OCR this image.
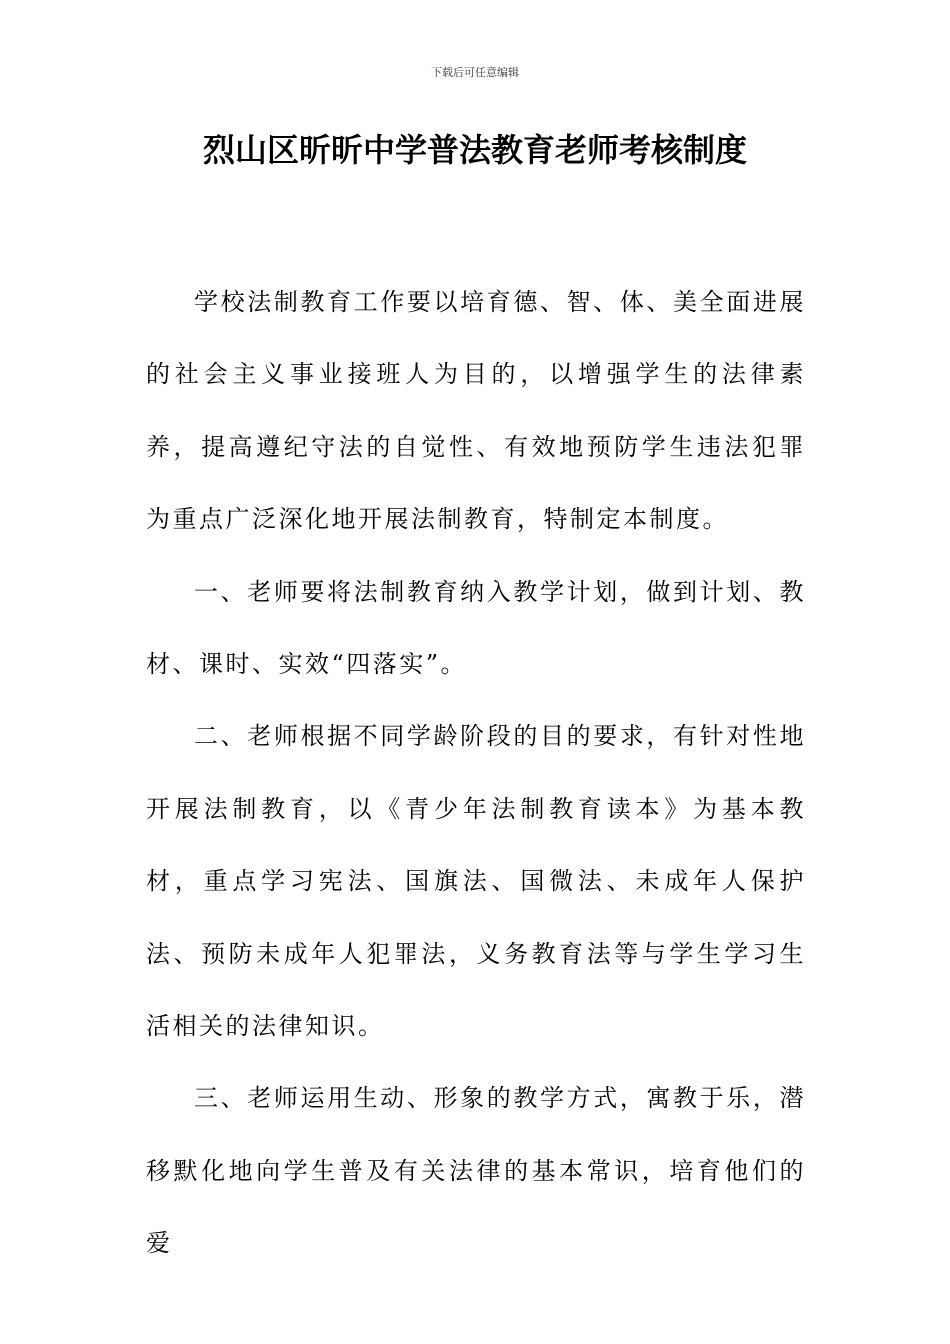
下载后可任意编辑
烈山区昕昕中学普法教育老师考核制度

学校法制教育工作要以培育德、智、体、美全面进展的社会主义事业接班人为目的，以增强学生的法律素养，提高遵纪守法的自觉性、有效地预防学生违法犯罪为重点广泛深化地开展法制教育，特制定本制度。

一、老师要将法制教育纳入教学计划，做到计划、教材、课时、实效“四落实”。

二、老师根据不同学龄阶段的目的要求，有针对性地开展法制教育，以《青少年法制教育读本》为基本教材，重点学习宪法、国旗法、国微法、未成年人保护法、预防未成年人犯罪法，义务教育法等与学生学习生活相关的法律知识。

三、老师运用生动、形象的教学方式，寓教于乐，潜移默化地向学生普及有关法律的基本常识，培育他们的爱
